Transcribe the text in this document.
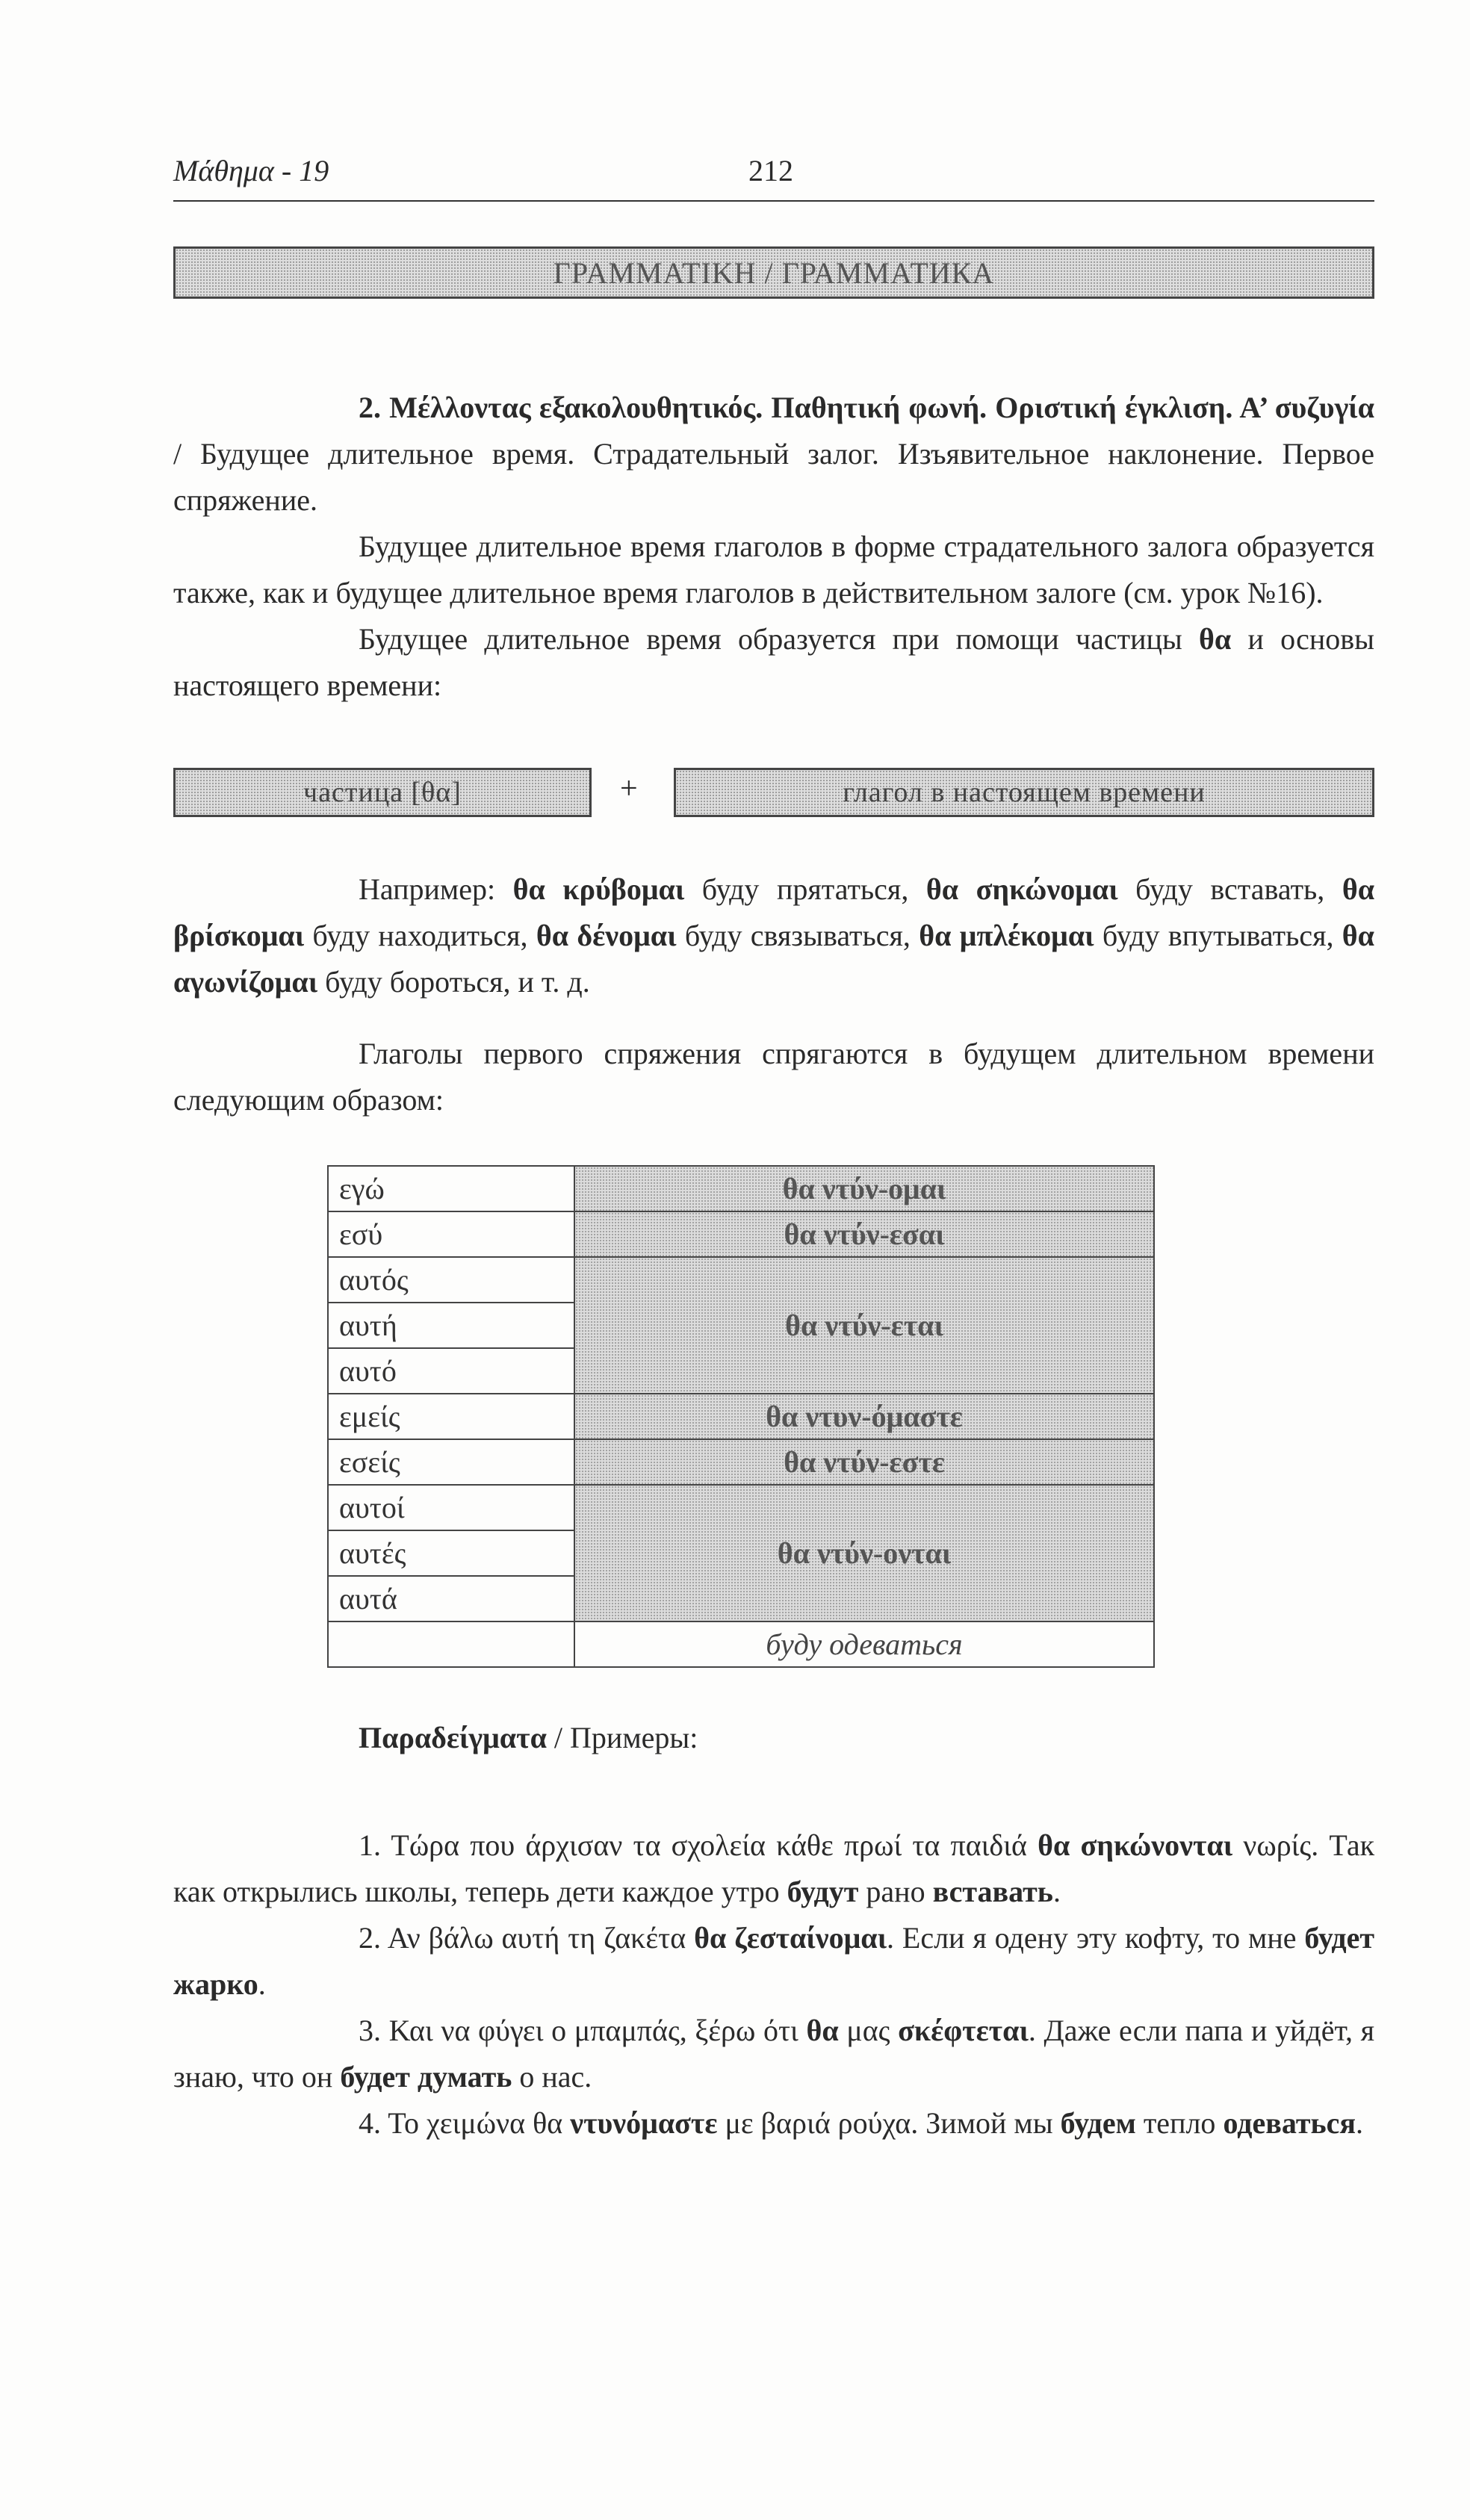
Μάθημα - 19	212
ΓΡΑΜΜΑΤΙΚΗ / ГРАММАТИКА

2. Μέλλοντας εξακολουθητικός. Παθητική φωνή. Οριστική έγκλιση. Α’ συζυγία / Будущее длительное время. Страдательный залог. Изъявительное наклонение. Первое спряжение.

Будущее длительное время глаголов в форме страдательного залога образуется также, как и будущее длительное время глаголов в действительном залоге (см. урок №16).

Будущее длительное время образуется при помощи частицы θα и основы настоящего времени:

частица [θα]	+	глагол в настоящем времени

Например: θα κρύβομαι буду прятаться, θα σηκώνομαι буду вставать, θα βρίσκομαι буду находиться, θα δένομαι буду связываться, θα μπλέκομαι буду впутываться, θα αγωνίζομαι буду бороться, и т. д.

Глаголы первого спряжения спрягаются в будущем длительном времени следующим образом:

εγώ	θα ντύν-ομαι
εσύ	θα ντύν-εσαι
αυτός	θα ντύν-εται
αυτή	
αυτό	
εμείς	θα ντυν-όμαστε
εσείς	θα ντύν-εστε
αυτοί	θα ντύν-ονται
αυτές	
αυτά	
	буду одеваться

Παραδείγματα / Примеры:

1. Τώρα που άρχισαν τα σχολεία κάθε πρωί τα παιδιά θα σηκώνονται νωρίς. Так как открылись школы, теперь дети каждое утро будут рано вставать.

2. Αν βάλω αυτή τη ζακέτα θα ζεσταίνομαι. Если я одену эту кофту, то мне будет жарко.

3. Και να φύγει ο μπαμπάς, ξέρω ότι θα μας σκέφτεται. Даже если папа и уйдёт, я знаю, что он будет думать о нас.

4. Το χειμώνα θα ντυνόμαστε με βαριά ρούχα. Зимой мы будем тепло одеваться.
